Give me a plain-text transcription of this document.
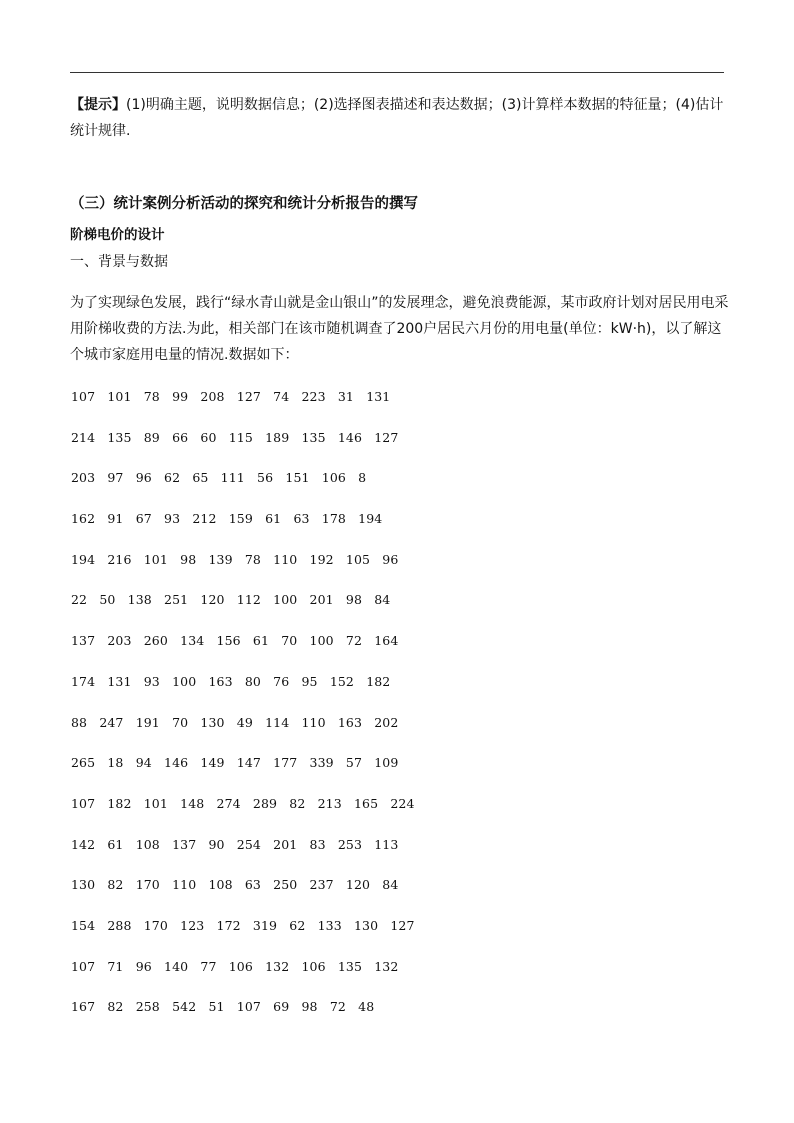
【提示】(1)明确主题，说明数据信息；(2)选择图表描述和表达数据；(3)计算样本数据的特征量；(4)估计统计规律.

（三）统计案例分析活动的探究和统计分析报告的撰写

阶梯电价的设计

一、背景与数据

为了实现绿色发展，践行“绿水青山就是金山银山”的发展理念，避免浪费能源，某市政府计划对居民用电采用阶梯收费的方法.为此，相关部门在该市随机调查了200户居民六月份的用电量(单位：kW·h)，以了解这个城市家庭用电量的情况.数据如下：

107   101   78   99   208   127   74   223   31   131
214   135   89   66   60   115   189   135   146   127
203   97   96   62   65   111   56   151   106   8
162   91   67   93   212   159   61   63   178   194
194   216   101   98   139   78   110   192   105   96
22   50   138   251   120   112   100   201   98   84
137   203   260   134   156   61   70   100   72   164
174   131   93   100   163   80   76   95   152   182
88   247   191   70   130   49   114   110   163   202
265   18   94   146   149   147   177   339   57   109
107   182   101   148   274   289   82   213   165   224
142   61   108   137   90   254   201   83   253   113
130   82   170   110   108   63   250   237   120   84
154   288   170   123   172   319   62   133   130   127
107   71   96   140   77   106   132   106   135   132
167   82   258   542   51   107   69   98   72   48
